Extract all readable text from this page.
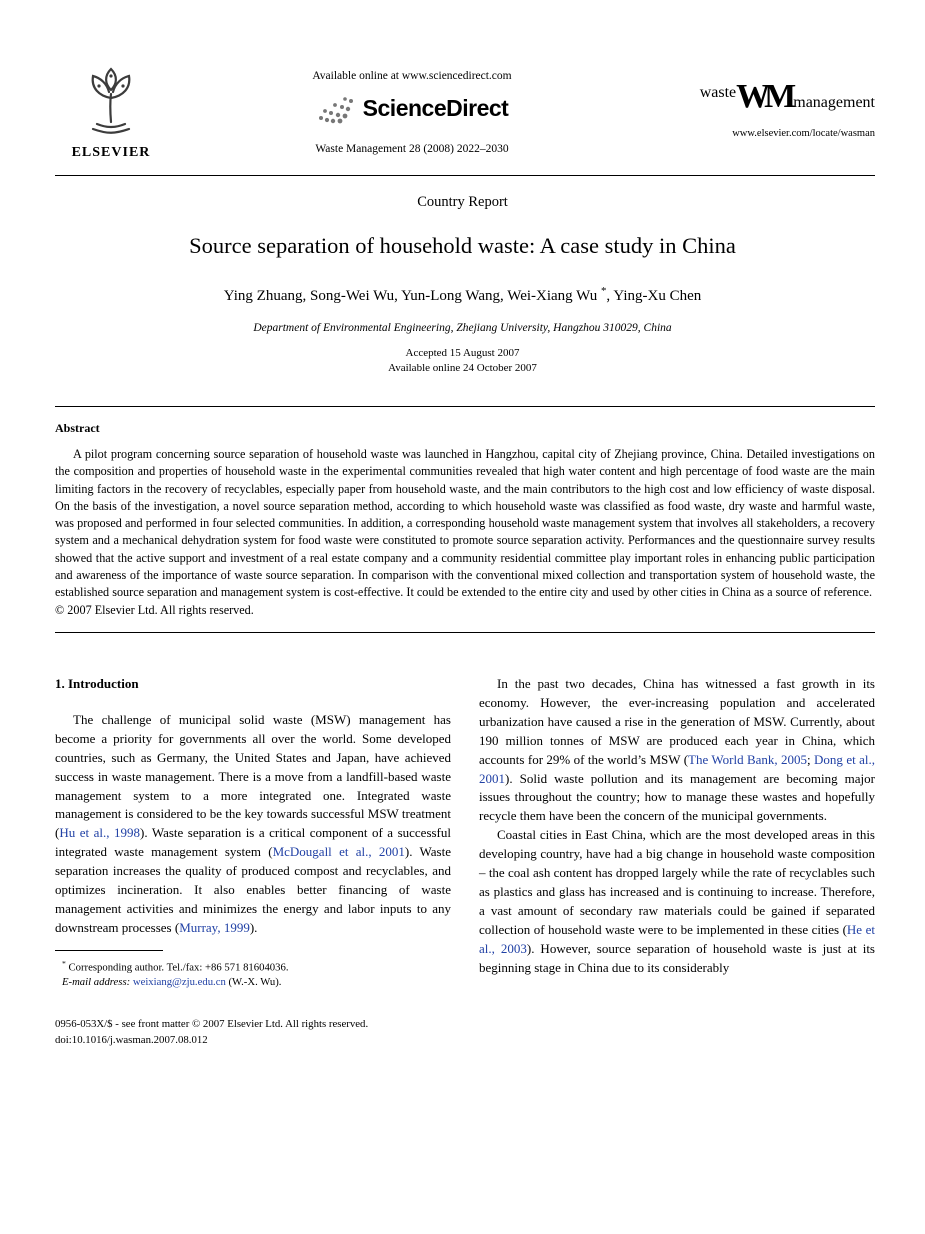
ELSEVIER
Available online at www.sciencedirect.com
ScienceDirect
Waste Management 28 (2008) 2022–2030
wasteWMmanagement
www.elsevier.com/locate/wasman
Country Report
Source separation of household waste: A case study in China
Ying Zhuang, Song-Wei Wu, Yun-Long Wang, Wei-Xiang Wu *, Ying-Xu Chen
Department of Environmental Engineering, Zhejiang University, Hangzhou 310029, China
Accepted 15 August 2007
Available online 24 October 2007
Abstract

A pilot program concerning source separation of household waste was launched in Hangzhou, capital city of Zhejiang province, China. Detailed investigations on the composition and properties of household waste in the experimental communities revealed that high water content and high percentage of food waste are the main limiting factors in the recovery of recyclables, especially paper from household waste, and the main contributors to the high cost and low efficiency of waste disposal. On the basis of the investigation, a novel source separation method, according to which household waste was classified as food waste, dry waste and harmful waste, was proposed and performed in four selected communities. In addition, a corresponding household waste management system that involves all stakeholders, a recovery system and a mechanical dehydration system for food waste were constituted to promote source separation activity. Performances and the questionnaire survey results showed that the active support and investment of a real estate company and a community residential committee play important roles in enhancing public participation and awareness of the importance of waste source separation. In comparison with the conventional mixed collection and transportation system of household waste, the established source separation and management system is cost-effective. It could be extended to the entire city and used by other cities in China as a source of reference.

© 2007 Elsevier Ltd. All rights reserved.

1. Introduction

The challenge of municipal solid waste (MSW) management has become a priority for governments all over the world. Some developed countries, such as Germany, the United States and Japan, have achieved success in waste management. There is a move from a landfill-based waste management system to a more integrated one. Integrated waste management is considered to be the key towards successful MSW treatment (Hu et al., 1998). Waste separation is a critical component of a successful integrated waste management system (McDougall et al., 2001). Waste separation increases the quality of produced compost and recyclables, and optimizes incineration. It also enables better financing of waste management activities and minimizes the energy and labor inputs to any downstream processes (Murray, 1999).

* Corresponding author. Tel./fax: +86 571 81604036.

E-mail address: weixiang@zju.edu.cn (W.-X. Wu).

In the past two decades, China has witnessed a fast growth in its economy. However, the ever-increasing population and accelerated urbanization have caused a rise in the generation of MSW. Currently, about 190 million tonnes of MSW are produced each year in China, which accounts for 29% of the world’s MSW (The World Bank, 2005; Dong et al., 2001). Solid waste pollution and its management are becoming major issues throughout the country; how to manage these wastes and hopefully recycle them have been the concern of the municipal governments.

Coastal cities in East China, which are the most developed areas in this developing country, have had a big change in household waste composition – the coal ash content has dropped largely while the rate of recyclables such as plastics and glass has increased and is continuing to increase. Therefore, a vast amount of secondary raw materials could be gained if separated collection of household waste were to be implemented in these cities (He et al., 2003). However, source separation of household waste is just at its beginning stage in China due to its considerably

0956-053X/$ - see front matter © 2007 Elsevier Ltd. All rights reserved.

doi:10.1016/j.wasman.2007.08.012
